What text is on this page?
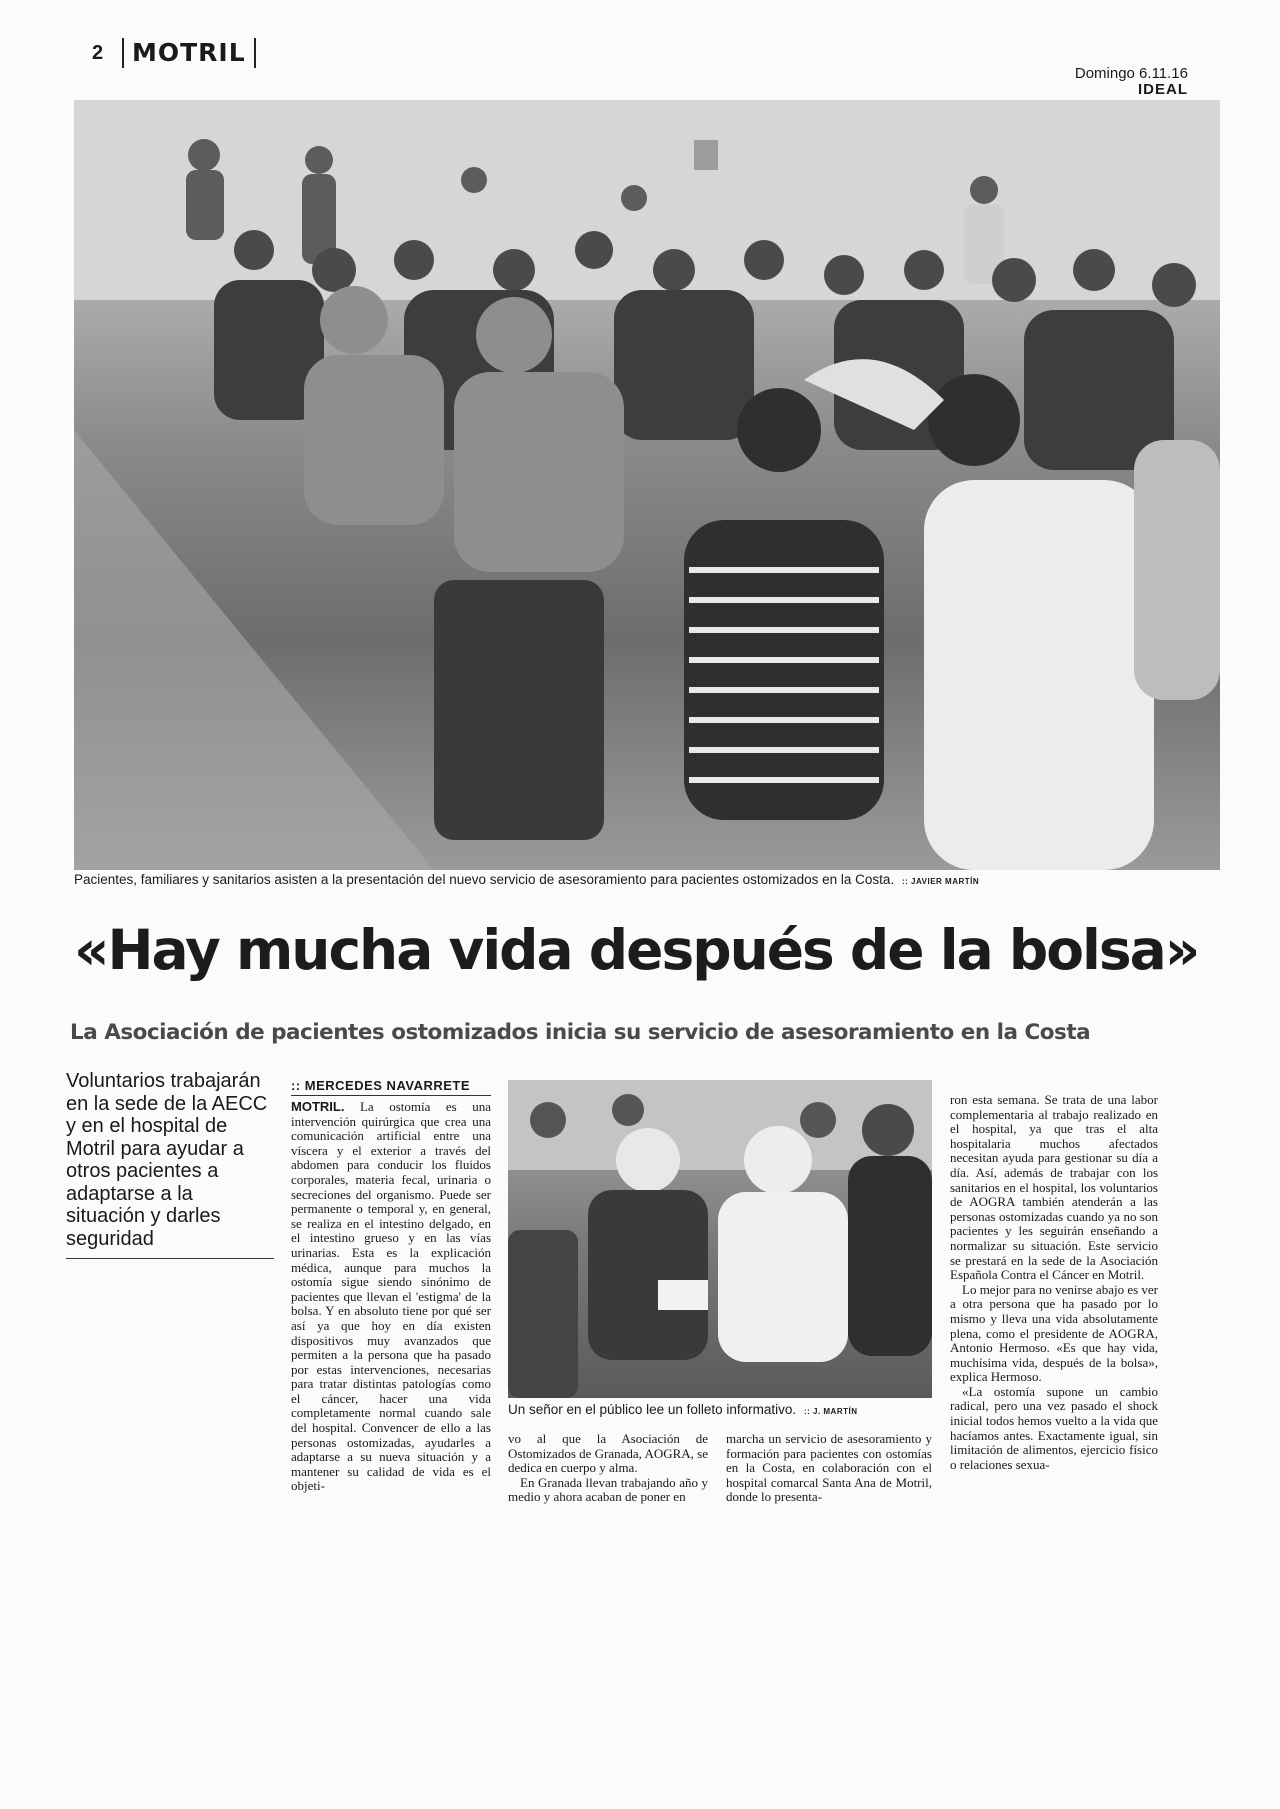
2	MOTRIL
Domingo 6.11.16
IDEAL
Pacientes, familiares y sanitarios asisten a la presentación del nuevo servicio de asesoramiento para pacientes ostomizados en la Costa. :: JAVIER MARTÍN
«Hay mucha vida después de la bolsa»
La Asociación de pacientes ostomizados inicia su servicio de asesoramiento en la Costa
Voluntarios trabajarán en la sede de la AECC y en el hospital de Motril para ayudar a otros pacientes a adaptarse a la situación y darles seguridad
:: MERCEDES NAVARRETE

MOTRIL. La ostomía es una intervención quirúrgica que crea una comunicación artificial entre una víscera y el exterior a través del abdomen para conducir los fluidos corporales, materia fecal, urinaria o secreciones del organismo. Puede ser permanente o temporal y, en general, se realiza en el intestino delgado, en el intestino grueso y en las vías urinarias. Esta es la explicación médica, aunque para muchos la ostomía sigue siendo sinónimo de pacientes que llevan el 'estigma' de la bolsa. Y en absoluto tiene por qué ser así ya que hoy en día existen dispositivos muy avanzados que permiten a la persona que ha pasado por estas intervenciones, necesarias para tratar distintas patologías como el cáncer, hacer una vida completamente normal cuando sale del hospital. Convencer de ello a las personas ostomizadas, ayudarles a adaptarse a su nueva situación y a mantener su calidad de vida es el objeti-

Un señor en el público lee un folleto informativo. :: J. MARTÍN

vo al que la Asociación de Ostomizados de Granada, AOGRA, se dedica en cuerpo y alma.

En Granada llevan trabajando año y medio y ahora acaban de poner en

marcha un servicio de asesoramiento y formación para pacientes con ostomías en la Costa, en colaboración con el hospital comarcal Santa Ana de Motril, donde lo presenta-

ron esta semana. Se trata de una labor complementaria al trabajo realizado en el hospital, ya que tras el alta hospitalaria muchos afectados necesitan ayuda para gestionar su día a día. Así, además de trabajar con los sanitarios en el hospital, los voluntarios de AOGRA también atenderán a las personas ostomizadas cuando ya no son pacientes y les seguirán enseñando a normalizar su situación. Este servicio se prestará en la sede de la Asociación Española Contra el Cáncer en Motril.

Lo mejor para no venirse abajo es ver a otra persona que ha pasado por lo mismo y lleva una vida absolutamente plena, como el presidente de AOGRA, Antonio Hermoso. «Es que hay vida, muchísima vida, después de la bolsa», explica Hermoso.

«La ostomía supone un cambio radical, pero una vez pasado el shock inicial todos hemos vuelto a la vida que hacíamos antes. Exactamente igual, sin limitación de alimentos, ejercicio físico o relaciones sexua-
